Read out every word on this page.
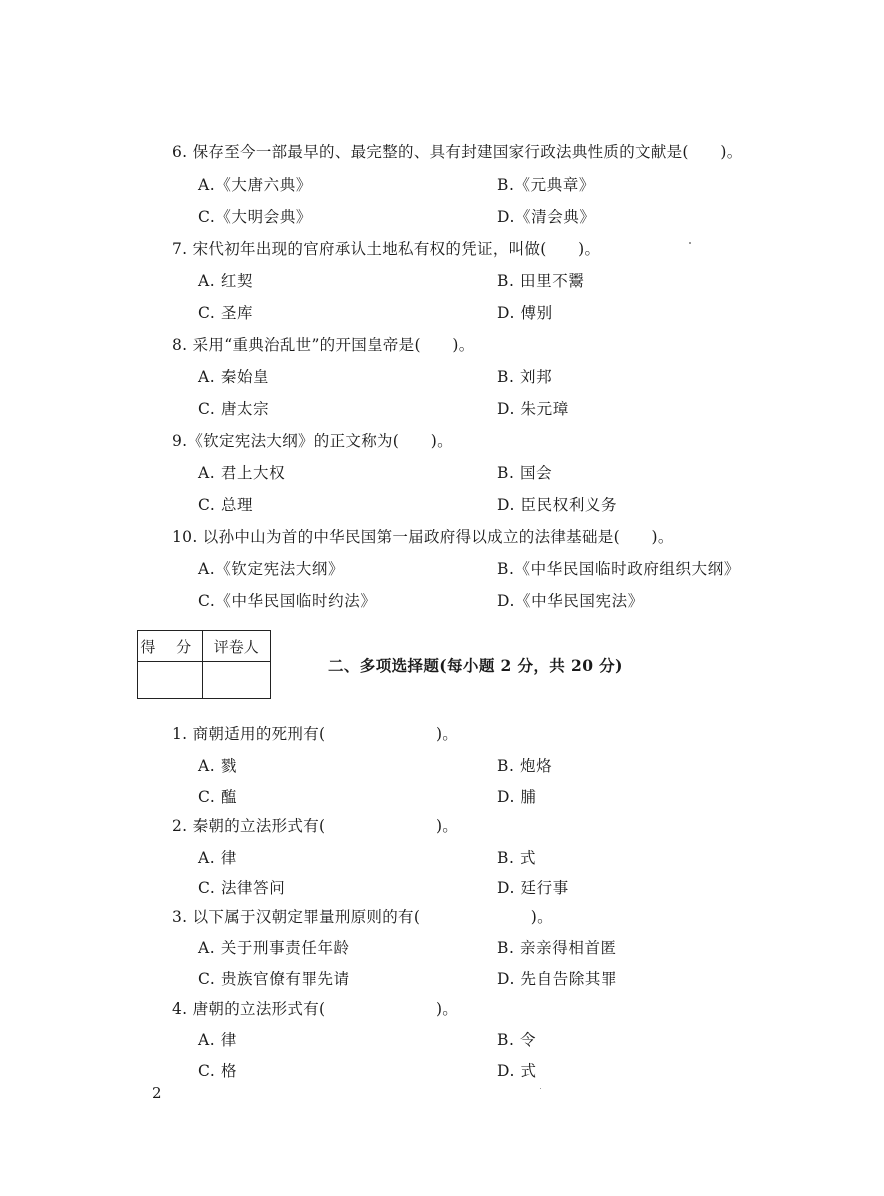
6. 保存至今一部最早的、最完整的、具有封建国家行政法典性质的文献是(　　)。
A.《大唐六典》	B.《元典章》
C.《大明会典》	D.《清会典》
7. 宋代初年出现的官府承认土地私有权的凭证，叫做(　　)。
A. 红契	B. 田里不鬻
C. 圣库	D. 傅别
8. 采用“重典治乱世”的开国皇帝是(　　)。
A. 秦始皇	B. 刘邦
C. 唐太宗	D. 朱元璋
9.《钦定宪法大纲》的正文称为(　　)。
A. 君上大权	B. 国会
C. 总理	D. 臣民权利义务
10. 以孙中山为首的中华民国第一届政府得以成立的法律基础是(　　)。
A.《钦定宪法大纲》	B.《中华民国临时政府组织大纲》
C.《中华民国临时约法》	D.《中华民国宪法》
得 分	评卷人

二、多项选择题(每小题 2 分，共 20 分)
1. 商朝适用的死刑有(　　　　　　　)。
A. 戮	B. 炮烙
C. 醢	D. 脯
2. 秦朝的立法形式有(　　　　　　　)。
A. 律	B. 式
C. 法律答问	D. 廷行事
3. 以下属于汉朝定罪量刑原则的有(　　　　　　　)。
A. 关于刑事责任年龄	B. 亲亲得相首匿
C. 贵族官僚有罪先请	D. 先自告除其罪
4. 唐朝的立法形式有(　　　　　　　)。
A. 律	B. 令
C. 格	D. 式
2
